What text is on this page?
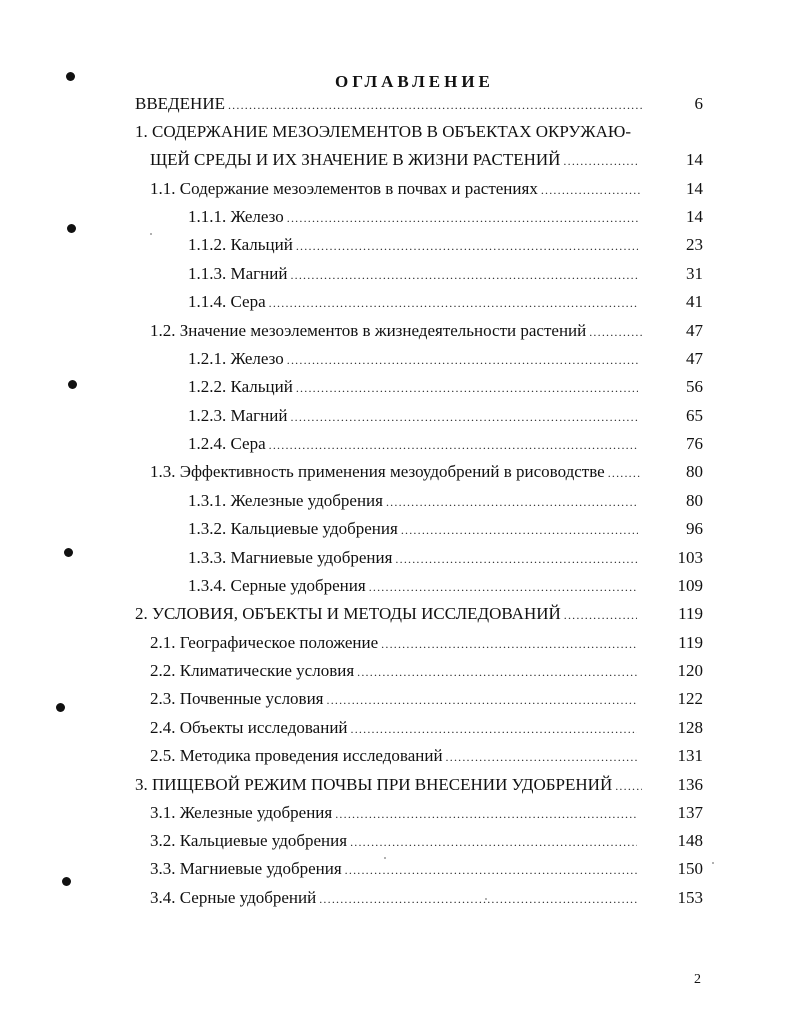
ОГЛАВЛЕНИЕ
ВВЕДЕНИЕ .....	6
1. СОДЕРЖАНИЕ МЕЗОЭЛЕМЕНТОВ В ОБЪЕКТАХ ОКРУЖАЮ-
ЩЕЙ СРЕДЫ И ИХ ЗНАЧЕНИЕ В ЖИЗНИ РАСТЕНИЙ .....	14
1.1. Содержание мезоэлементов в почвах и растениях .....	14
1.1.1. Железо .....	14
1.1.2. Кальций .....	23
1.1.3. Магний .....	31
1.1.4. Сера .....	41
1.2. Значение мезоэлементов в жизнедеятельности растений .....	47
1.2.1. Железо .....	47
1.2.2. Кальций .....	56
1.2.3. Магний .....	65
1.2.4. Сера .....	76
1.3. Эффективность применения мезоудобрений в рисоводстве .....	80
1.3.1. Железные удобрения .....	80
1.3.2. Кальциевые удобрения .....	96
1.3.3. Магниевые удобрения .....	103
1.3.4. Серные удобрения .....	109
2. УСЛОВИЯ, ОБЪЕКТЫ И МЕТОДЫ ИССЛЕДОВАНИЙ .....	119
2.1. Географическое положение .....	119
2.2. Климатические условия .....	120
2.3. Почвенные условия .....	122
2.4. Объекты исследований .....	128
2.5. Методика проведения исследований .....	131
3. ПИЩЕВОЙ РЕЖИМ ПОЧВЫ ПРИ ВНЕСЕНИИ УДОБРЕНИЙ .....	136
3.1. Железные удобрения .....	137
3.2. Кальциевые удобрения .....	148
3.3. Магниевые удобрения .....	150
3.4. Серные удобрений .....	153
2
